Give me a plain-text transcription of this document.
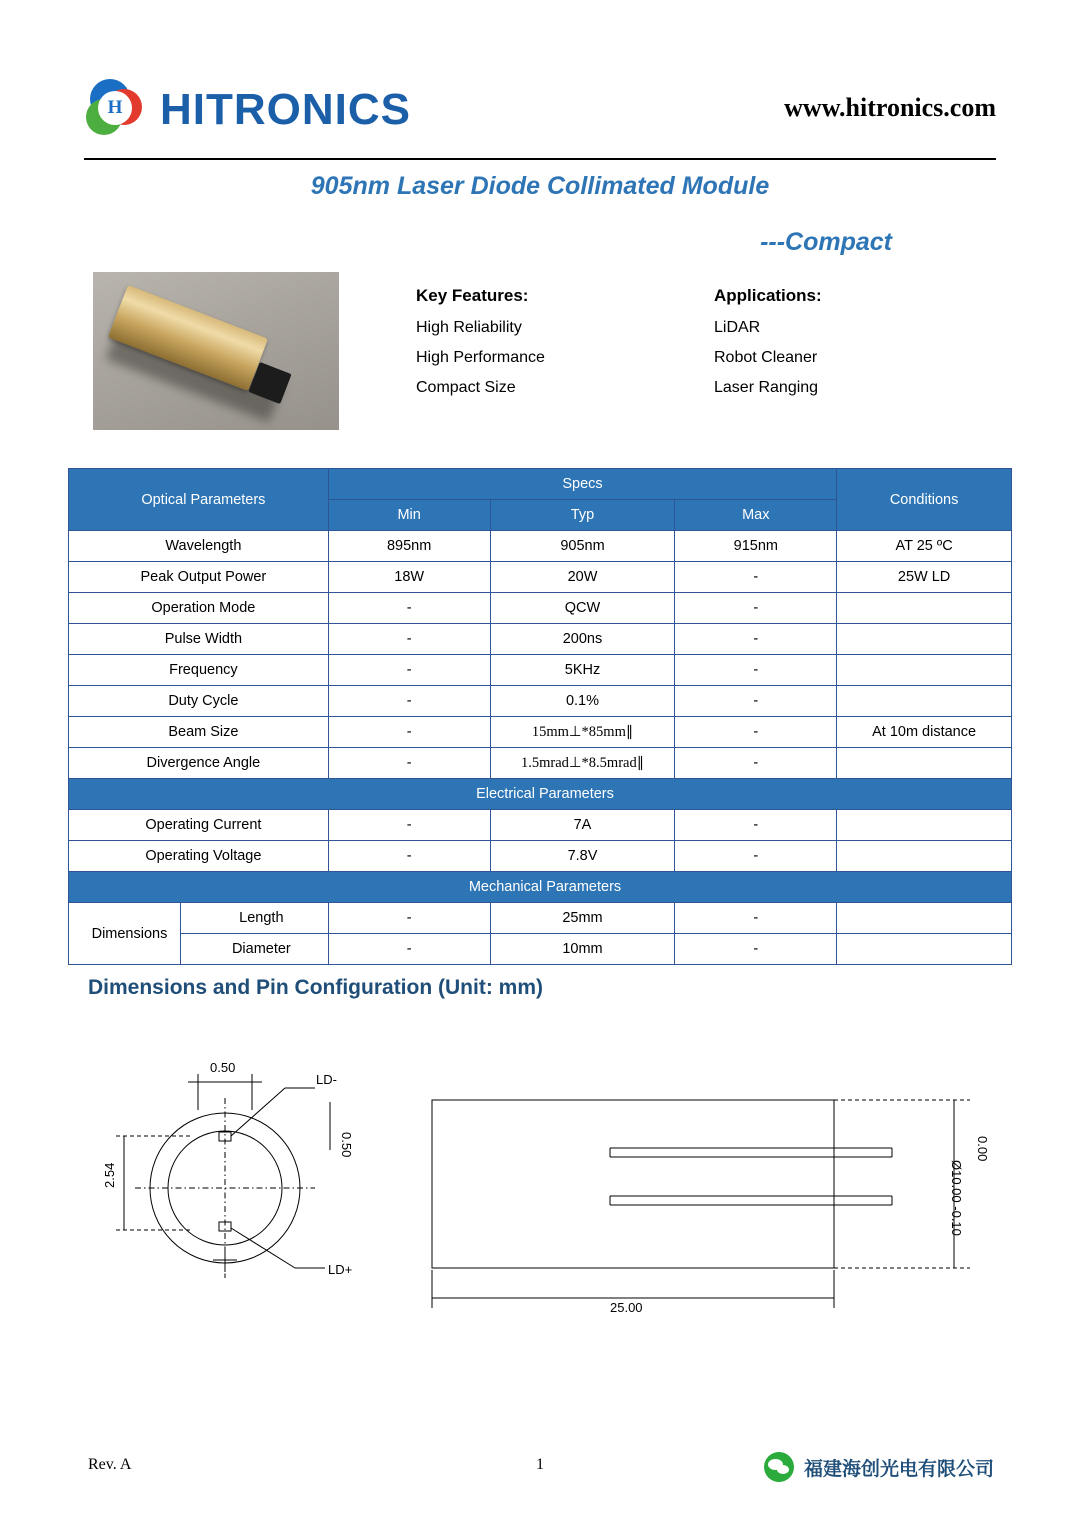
H HITRONICS	www.hitronics.com
905nm Laser Diode Collimated Module
---Compact
Key Features:
High Reliability
High Performance
Compact Size
Applications:
LiDAR
Robot Cleaner
Laser Ranging
Optical Parameters		Specs			Conditions
		Min	Typ	Max	
Wavelength		895nm	905nm	915nm	AT 25 ºC
Peak Output Power		18W	20W	-	25W LD
Operation Mode		-	QCW	-	
Pulse Width		-	200ns	-	
Frequency		-	5KHz	-	
Duty Cycle		-	0.1%	-	
Beam Size		-	15mm⊥*85mm∥	-	At 10m distance
Divergence Angle		-	1.5mrad⊥*8.5mrad∥	-	
Electrical Parameters					
Operating Current		-	7A	-	
Operating Voltage		-	7.8V	-	
Mechanical Parameters					
Dimensions	Length	-	25mm	-	
	Diameter	-	10mm	-	
Dimensions and Pin Configuration (Unit: mm)
0.50
LD-
0.50
2.54
LD+
25.00
0.00
Ø10.00 -0.10
Rev. A	1	福建海创光电有限公司
